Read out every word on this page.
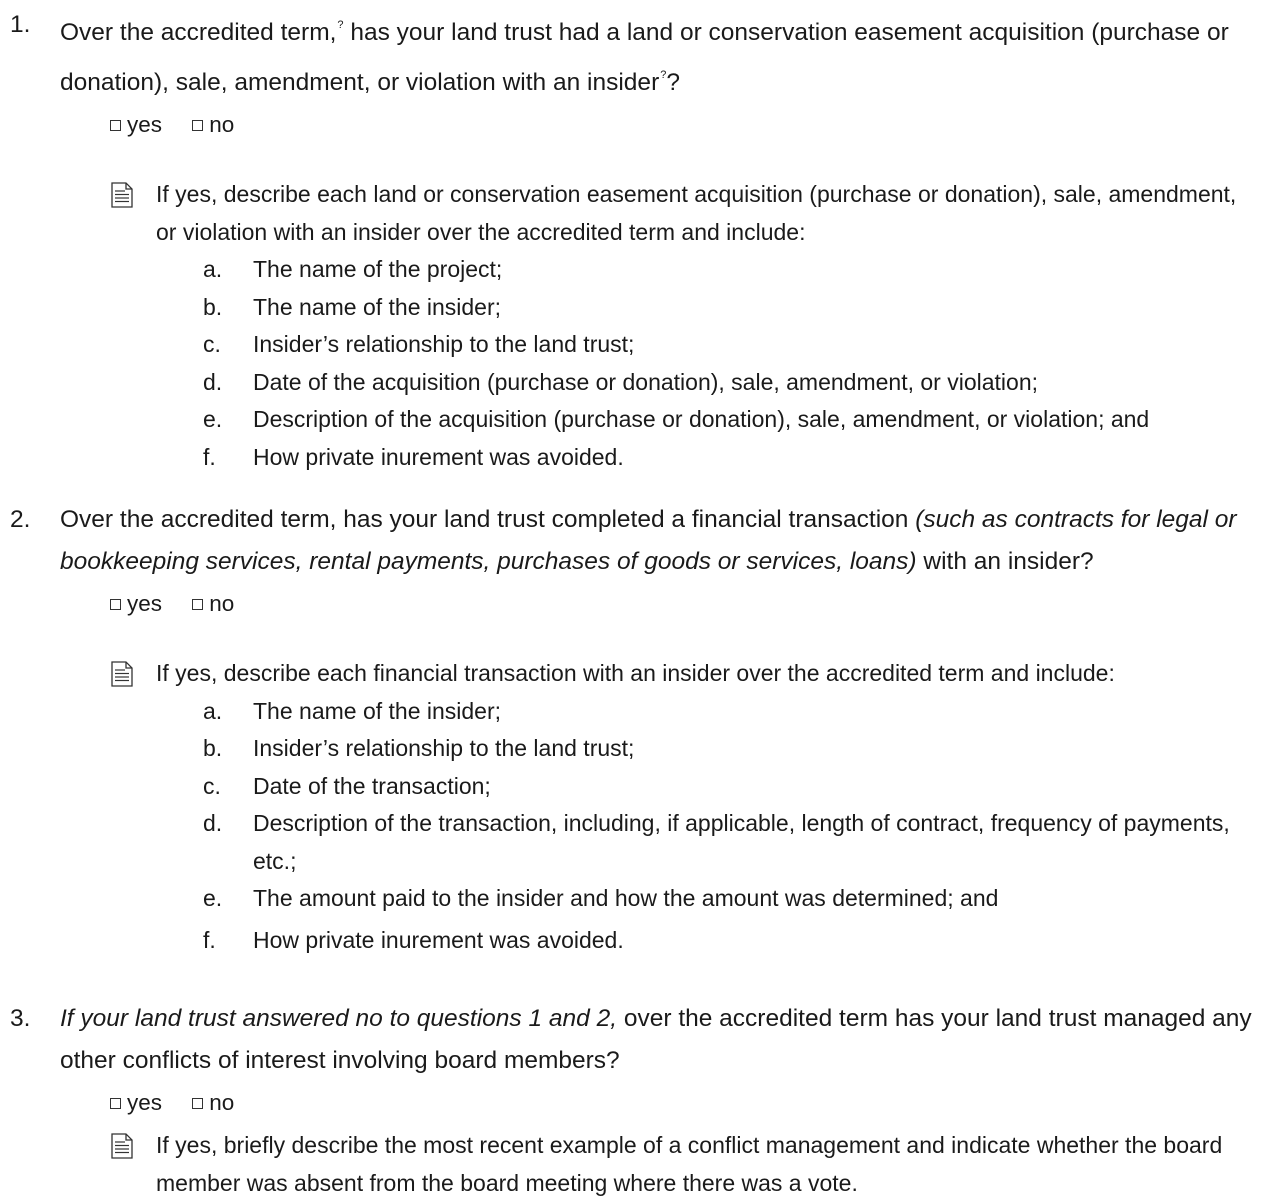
1. Over the accredited term,? has your land trust had a land or conservation easement acquisition (purchase or donation), sale, amendment, or violation with an insider??
yes no
If yes, describe each land or conservation easement acquisition (purchase or donation), sale, amendment, or violation with an insider over the accredited term and include:
a. The name of the project;
b. The name of the insider;
c. Insider’s relationship to the land trust;
d. Date of the acquisition (purchase or donation), sale, amendment, or violation;
e. Description of the acquisition (purchase or donation), sale, amendment, or violation; and
f. How private inurement was avoided.
2. Over the accredited term, has your land trust completed a financial transaction (such as contracts for legal or bookkeeping services, rental payments, purchases of goods or services, loans) with an insider?
yes no
If yes, describe each financial transaction with an insider over the accredited term and include:
a. The name of the insider;
b. Insider’s relationship to the land trust;
c. Date of the transaction;
d. Description of the transaction, including, if applicable, length of contract, frequency of payments, etc.;
e. The amount paid to the insider and how the amount was determined; and
f. How private inurement was avoided.
3. If your land trust answered no to questions 1 and 2, over the accredited term has your land trust managed any other conflicts of interest involving board members?
yes no
If yes, briefly describe the most recent example of a conflict management and indicate whether the board member was absent from the board meeting where there was a vote.
